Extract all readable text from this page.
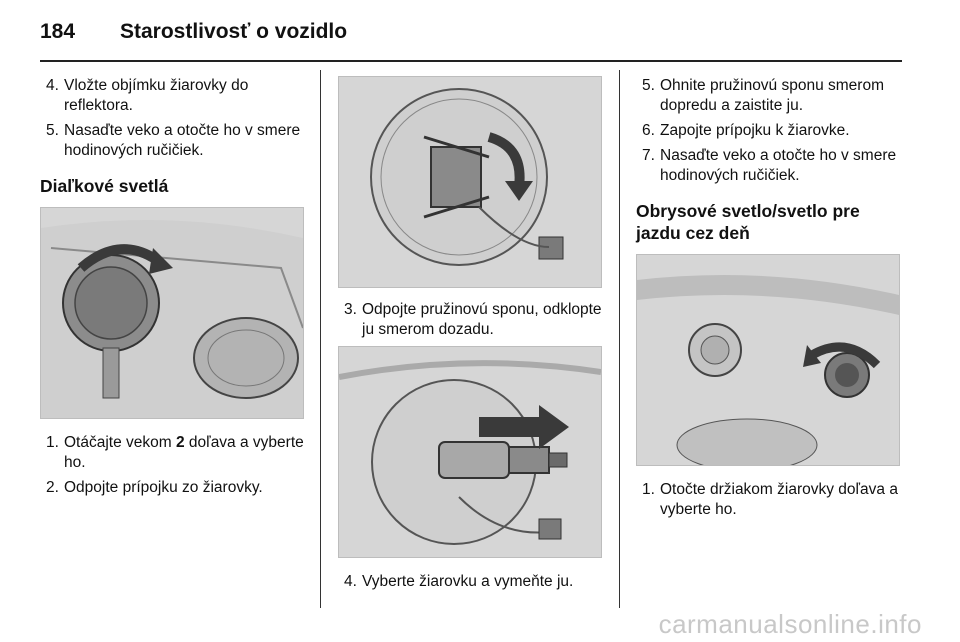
184 Starostlivosť o vozidlo
4. Vložte objímku žiarovky do reflektora.
5. Nasaďte veko a otočte ho v smere hodinových ručičiek.
Diaľkové svetlá
1. Otáčajte vekom 2 doľava a vyberte ho.
2. Odpojte prípojku zo žiarovky.
3. Odpojte pružinovú sponu, odklopte ju smerom dozadu.
4. Vyberte žiarovku a vymeňte ju.
5. Ohnite pružinovú sponu smerom dopredu a zaistite ju.
6. Zapojte prípojku k žiarovke.
7. Nasaďte veko a otočte ho v smere hodinových ručičiek.
Obrysové svetlo/svetlo pre jazdu cez deň
1. Otočte držiakom žiarovky doľava a vyberte ho.
carmanualsonline.info
